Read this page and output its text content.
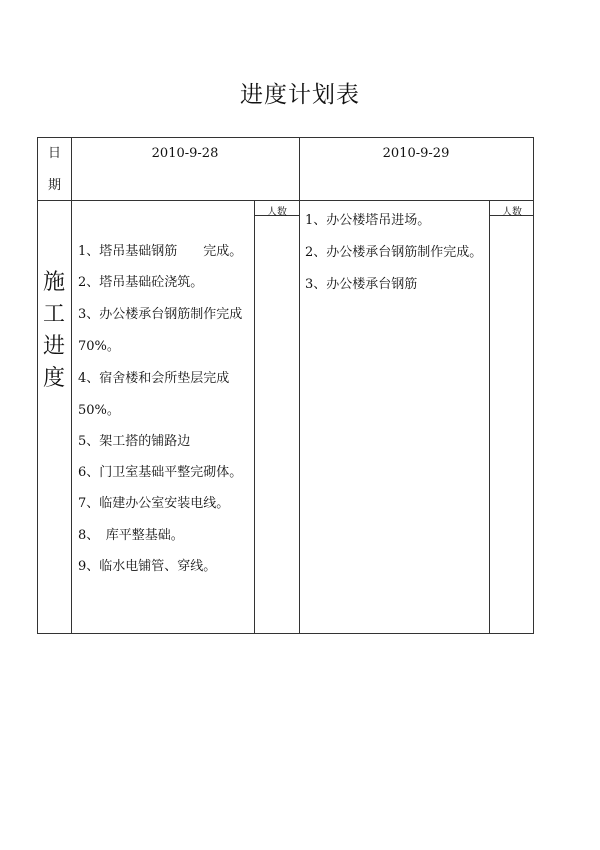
进度计划表
日
期
2010-9-28	2010-9-29
施
工
进
度
人数	人数
1、塔吊基础钢筋　　完成。
2、塔吊基础砼浇筑。
3、办公楼承台钢筋制作完成
70%。
4、宿舍楼和会所垫层完成
50%。
5、架工搭的铺路边
6、门卫室基础平整完砌体。
7、临建办公室安装电线。
8、　库平整基础。
9、临水电铺管、穿线。
1、办公楼塔吊进场。
2、办公楼承台钢筋制作完成。
3、办公楼承台钢筋
